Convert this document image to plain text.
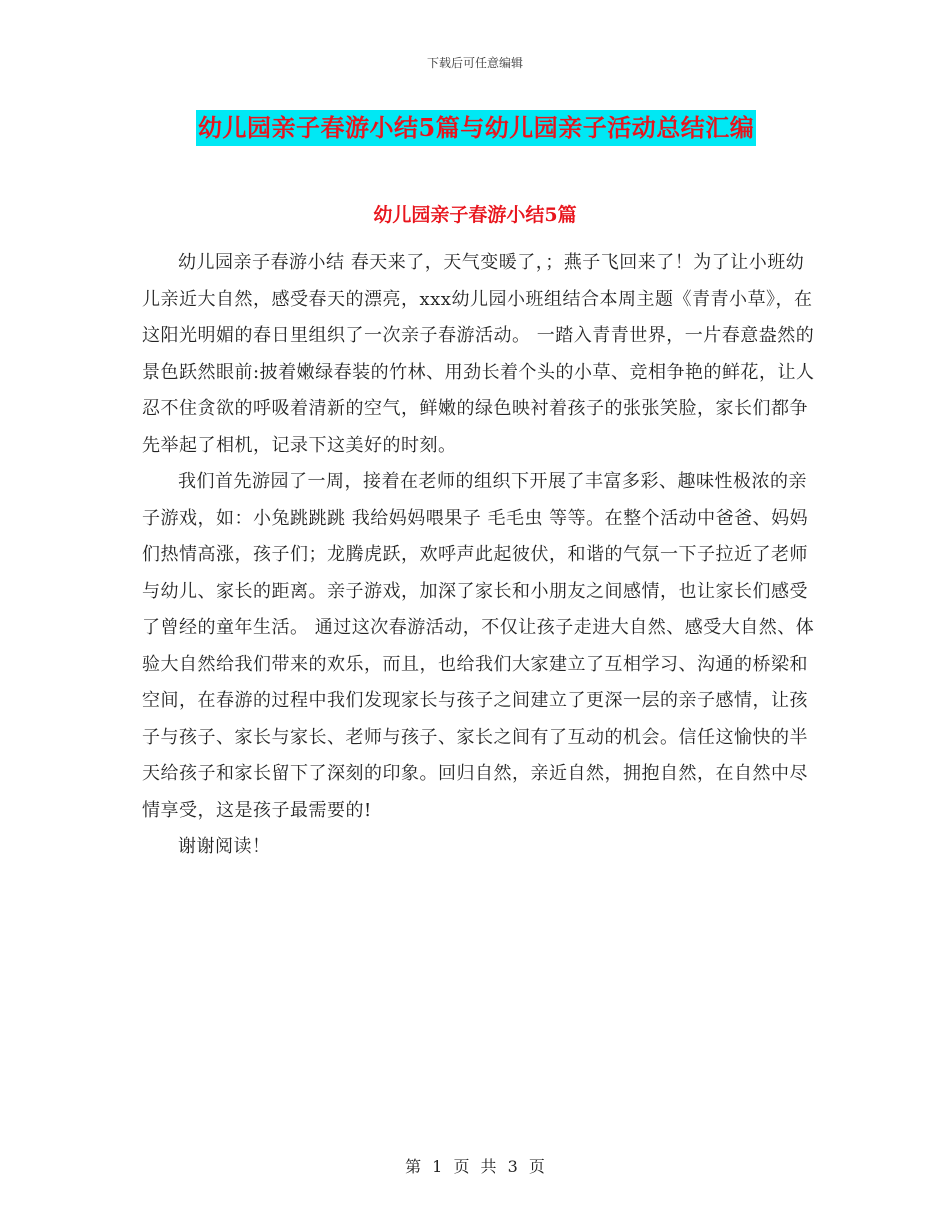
下载后可任意编辑
幼儿园亲子春游小结5篇与幼儿园亲子活动总结汇编
幼儿园亲子春游小结5篇

幼儿园亲子春游小结 春天来了，天气变暖了，；燕子飞回来了！为了让小班幼儿亲近大自然，感受春天的漂亮，xxx幼儿园小班组结合本周主题《青青小草》，在这阳光明媚的春日里组织了一次亲子春游活动。 一踏入青青世界，一片春意盎然的景色跃然眼前:披着嫩绿春装的竹林、用劲长着个头的小草、竞相争艳的鲜花，让人忍不住贪欲的呼吸着清新的空气，鲜嫩的绿色映衬着孩子的张张笑脸，家长们都争先举起了相机，记录下这美好的时刻。

我们首先游园了一周，接着在老师的组织下开展了丰富多彩、趣味性极浓的亲子游戏，如：小兔跳跳跳 我给妈妈喂果子 毛毛虫 等等。在整个活动中爸爸、妈妈们热情高涨，孩子们；龙腾虎跃，欢呼声此起彼伏，和谐的气氛一下子拉近了老师与幼儿、家长的距离。亲子游戏，加深了家长和小朋友之间感情，也让家长们感受了曾经的童年生活。 通过这次春游活动，不仅让孩子走进大自然、感受大自然、体验大自然给我们带来的欢乐，而且，也给我们大家建立了互相学习、沟通的桥梁和空间，在春游的过程中我们发现家长与孩子之间建立了更深一层的亲子感情，让孩子与孩子、家长与家长、老师与孩子、家长之间有了互动的机会。信任这愉快的半天给孩子和家长留下了深刻的印象。回归自然，亲近自然，拥抱自然，在自然中尽情享受，这是孩子最需要的!

谢谢阅读！

第 1 页 共 3 页
